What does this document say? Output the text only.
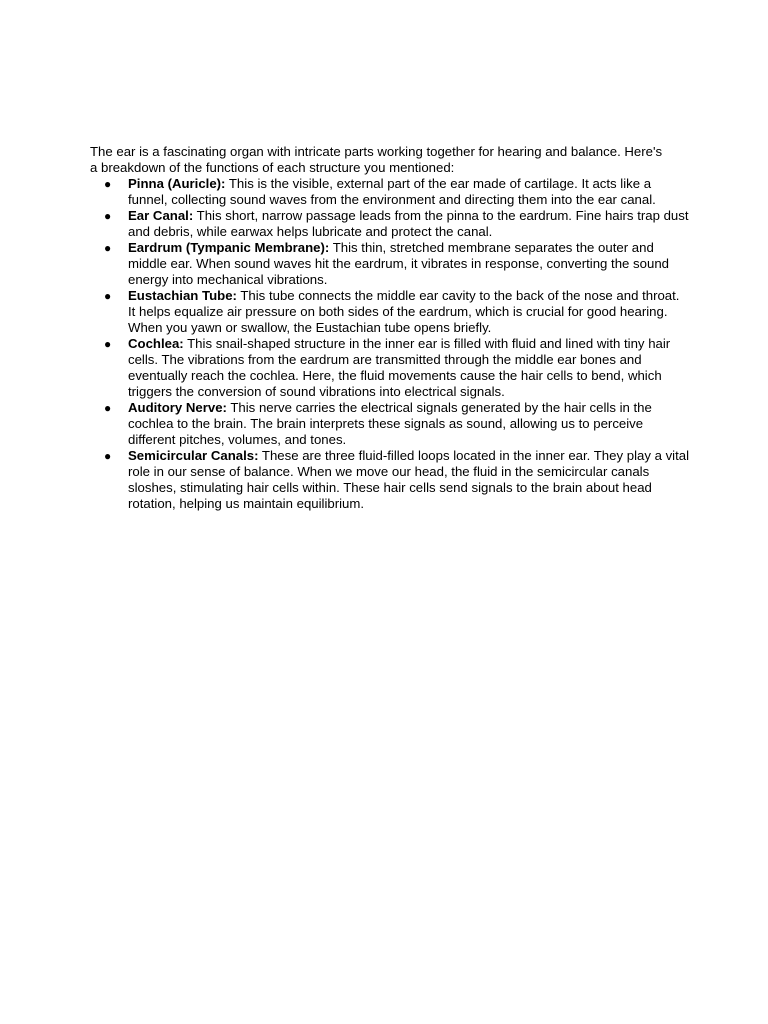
The ear is a fascinating organ with intricate parts working together for hearing and balance. Here's a breakdown of the functions of each structure you mentioned:

● Pinna (Auricle): This is the visible, external part of the ear made of cartilage. It acts like a funnel, collecting sound waves from the environment and directing them into the ear canal.
● Ear Canal: This short, narrow passage leads from the pinna to the eardrum. Fine hairs trap dust and debris, while earwax helps lubricate and protect the canal.
● Eardrum (Tympanic Membrane): This thin, stretched membrane separates the outer and middle ear. When sound waves hit the eardrum, it vibrates in response, converting the sound energy into mechanical vibrations.
● Eustachian Tube: This tube connects the middle ear cavity to the back of the nose and throat. It helps equalize air pressure on both sides of the eardrum, which is crucial for good hearing. When you yawn or swallow, the Eustachian tube opens briefly.
● Cochlea: This snail-shaped structure in the inner ear is filled with fluid and lined with tiny hair cells. The vibrations from the eardrum are transmitted through the middle ear bones and eventually reach the cochlea. Here, the fluid movements cause the hair cells to bend, which triggers the conversion of sound vibrations into electrical signals.
● Auditory Nerve: This nerve carries the electrical signals generated by the hair cells in the cochlea to the brain. The brain interprets these signals as sound, allowing us to perceive different pitches, volumes, and tones.
● Semicircular Canals: These are three fluid-filled loops located in the inner ear. They play a vital role in our sense of balance. When we move our head, the fluid in the semicircular canals sloshes, stimulating hair cells within. These hair cells send signals to the brain about head rotation, helping us maintain equilibrium.
